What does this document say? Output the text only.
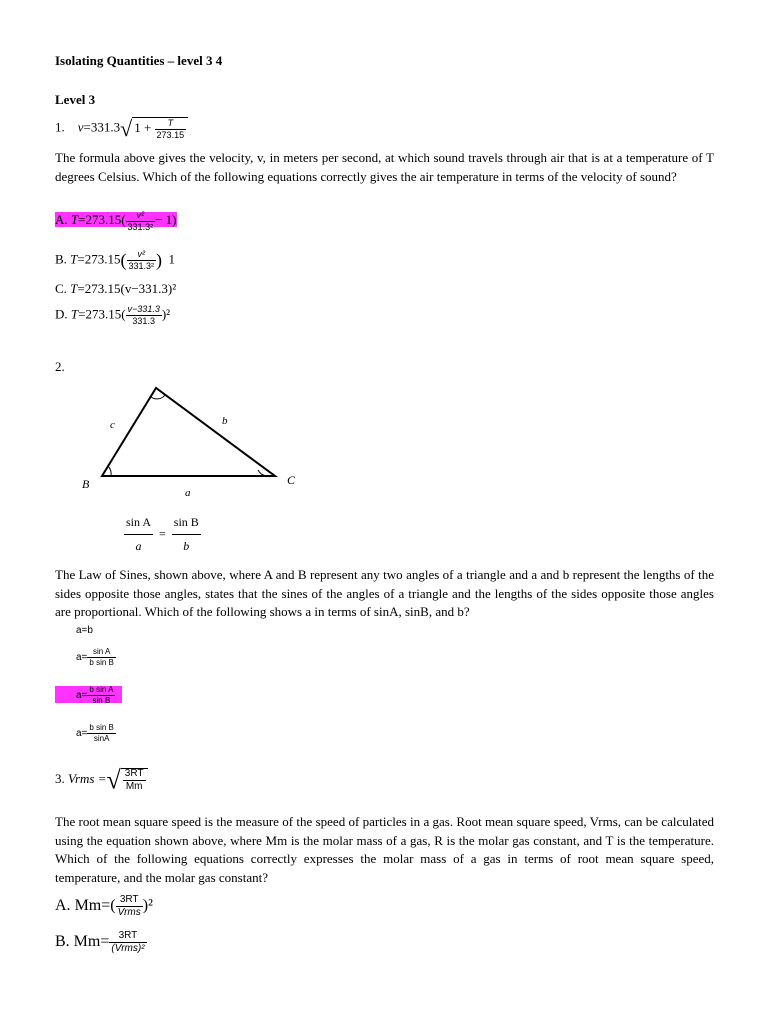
Isolating Quantities – level 3 4
Level 3
1. v=331.3√ $1 + \frac{T}{273.15}$
The formula above gives the velocity, v, in meters per second, at which sound travels through air that is at a temperature of T degrees Celsius. Which of the following equations correctly gives the air temperature in terms of the velocity of sound?
A. $T=273.15( \frac{\text{v²}}{\text{331.3²}} - 1)$
B. $T=273.15( \frac{\text{v²}}{\text{331.3²}}$ ) 1
C. T=273.15(v−331.3)²
D. $T=273.15( \frac{v-331.3}{331.3} )^2$
2.
c	b
a
B	C
$\frac{\text{sin A}}{a} = \frac{\text{sin B}}{b}$
The Law of Sines, shown above, where A and B represent any two angles of a triangle and a and b represent the lengths of the sides opposite those angles, states that the sines of the angles of a triangle and the lengths of the sides opposite those angles are proportional. Which of the following shows a in terms of sinA, sinB, and b?
a=b
$a= \frac{\text{sin A}}{\text{b sin B}}$
$a= \frac{\text{b sin A}}{\text{sin B}}$
$a= \frac{\text{b sin B}}{\sin A}$
3. Vrms =√ $\frac{3RT}{Mm}$
The root mean square speed is the measure of the speed of particles in a gas. Root mean square speed, Vrms, can be calculated using the equation shown above, where Mm is the molar mass of a gas, R is the molar gas constant, and T is the temperature. Which of the following equations correctly expresses the molar mass of a gas in terms of root mean square speed, temperature, and the molar gas constant?
A. $Mm=( \frac{3RT}{\text{Vrms}} )^2$
B. $Mm= \frac{3RT}{\text{(Vrms)²}}$
